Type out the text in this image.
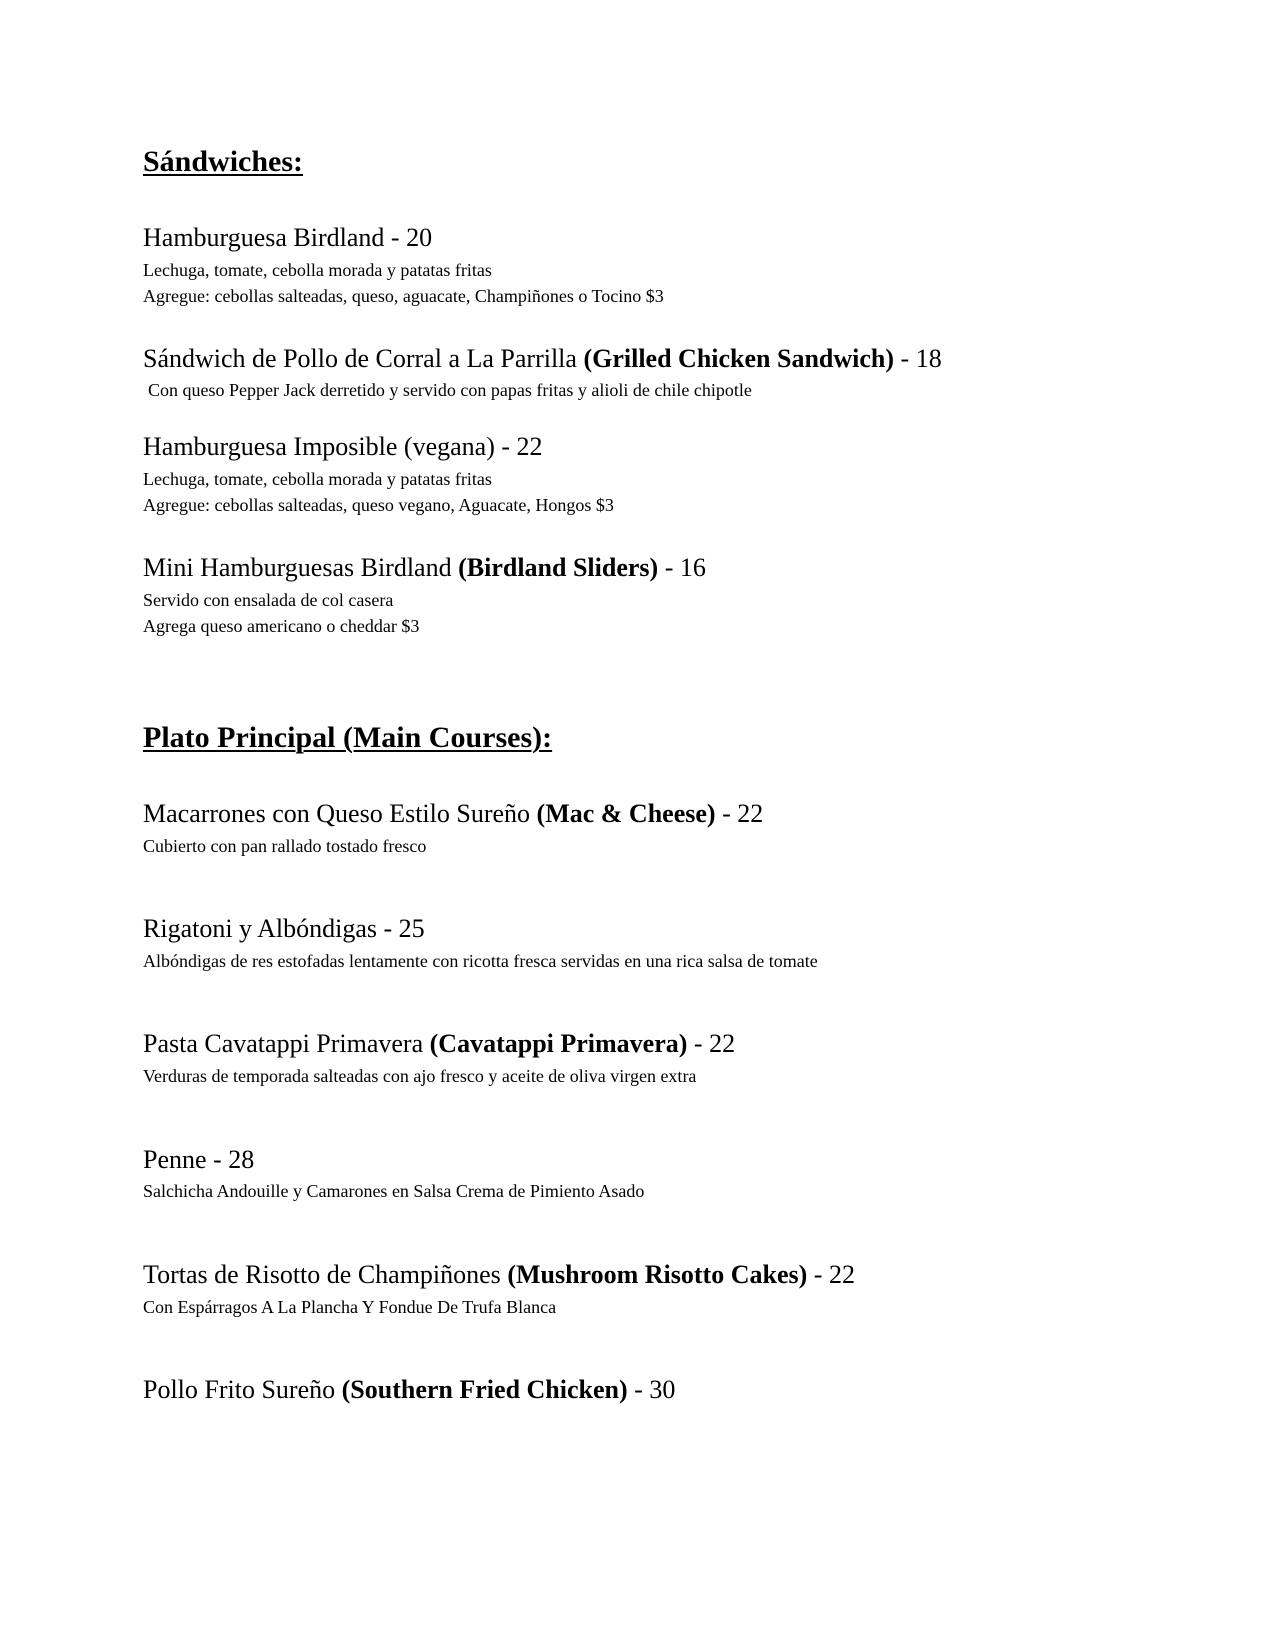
Sándwiches:
Hamburguesa Birdland - 20
Lechuga, tomate, cebolla morada y patatas fritas
Agregue: cebollas salteadas, queso, aguacate, Champiñones o Tocino $3
Sándwich de Pollo de Corral a La Parrilla (Grilled Chicken Sandwich) - 18
Con queso Pepper Jack derretido y servido con papas fritas y alioli de chile chipotle
Hamburguesa Imposible (vegana) - 22
Lechuga, tomate, cebolla morada y patatas fritas
Agregue: cebollas salteadas, queso vegano, Aguacate, Hongos $3
Mini Hamburguesas Birdland (Birdland Sliders) - 16
Servido con ensalada de col casera
Agrega queso americano o cheddar $3
Plato Principal (Main Courses):
Macarrones con Queso Estilo Sureño (Mac & Cheese) - 22
Cubierto con pan rallado tostado fresco
Rigatoni y Albóndigas - 25
Albóndigas de res estofadas lentamente con ricotta fresca servidas en una rica salsa de tomate
Pasta Cavatappi Primavera (Cavatappi Primavera) - 22
Verduras de temporada salteadas con ajo fresco y aceite de oliva virgen extra
Penne - 28
Salchicha Andouille y Camarones en Salsa Crema de Pimiento Asado
Tortas de Risotto de Champiñones (Mushroom Risotto Cakes) - 22
Con Espárragos A La Plancha Y Fondue De Trufa Blanca
Pollo Frito Sureño (Southern Fried Chicken) - 30
